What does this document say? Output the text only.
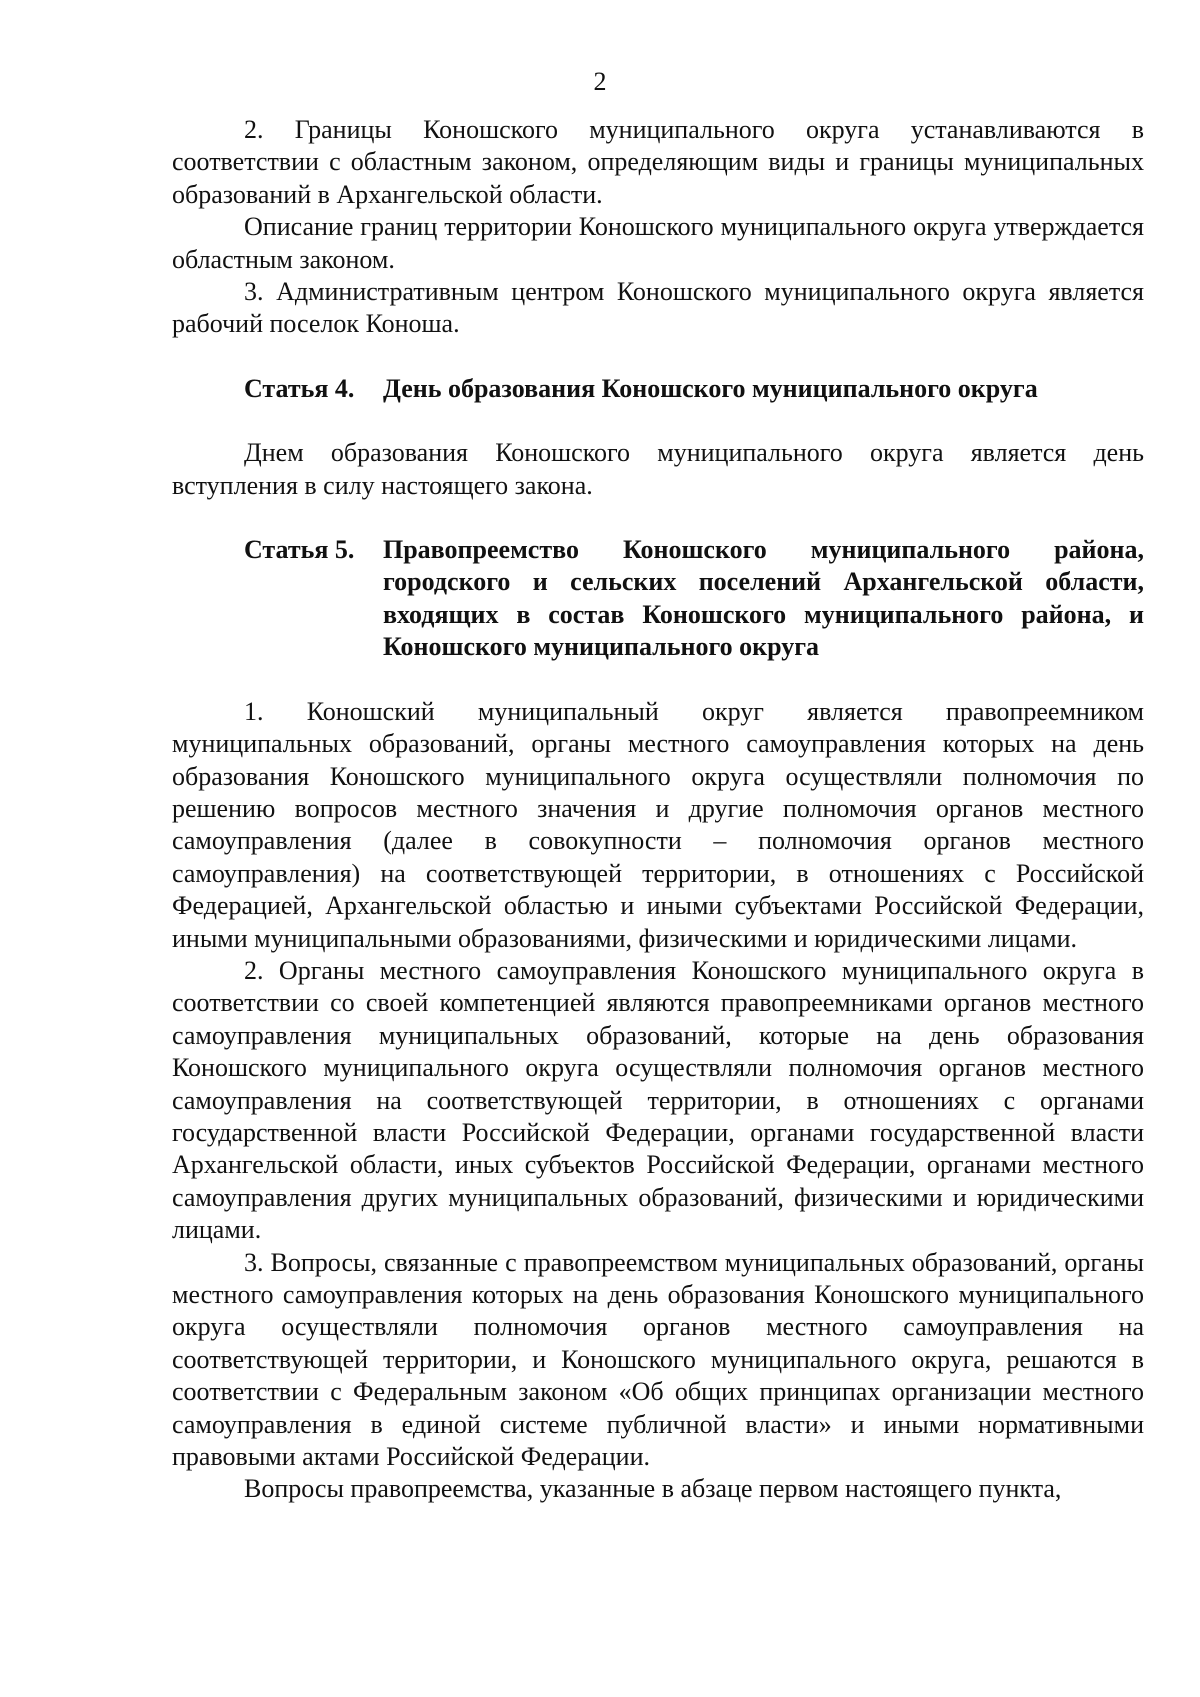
2

2. Границы Коношского муниципального округа устанавливаются в соответствии с областным законом, определяющим виды и границы муниципальных образований в Архангельской области.

Описание границ территории Коношского муниципального округа утверждается областным законом.

3. Административным центром Коношского муниципального округа является рабочий поселок Коноша.

Статья 4.	День образования Коношского муниципального округа

Днем образования Коношского муниципального округа является день вступления в силу настоящего закона.

Статья 5.	Правопреемство Коношского муниципального района, городского и сельских поселений Архангельской области, входящих в состав Коношского муниципального района, и Коношского муниципального округа

1. Коношский муниципальный округ является правопреемником муниципальных образований, органы местного самоуправления которых на день образования Коношского муниципального округа осуществляли полномочия по решению вопросов местного значения и другие полномочия органов местного самоуправления (далее в совокупности – полномочия органов местного самоуправления) на соответствующей территории, в отношениях с Российской Федерацией, Архангельской областью и иными субъектами Российской Федерации, иными муниципальными образованиями, физическими и юридическими лицами.

2. Органы местного самоуправления Коношского муниципального округа в соответствии со своей компетенцией являются правопреемниками органов местного самоуправления муниципальных образований, которые на день образования Коношского муниципального округа осуществляли полномочия органов местного самоуправления на соответствующей территории, в отношениях с органами государственной власти Российской Федерации, органами государственной власти Архангельской области, иных субъектов Российской Федерации, органами местного самоуправления других муниципальных образований, физическими и юридическими лицами.

3. Вопросы, связанные с правопреемством муниципальных образований, органы местного самоуправления которых на день образования Коношского муниципального округа осуществляли полномочия органов местного самоуправления на соответствующей территории, и Коношского муниципального округа, решаются в соответствии с Федеральным законом «Об общих принципах организации местного самоуправления в единой системе публичной власти» и иными нормативными правовыми актами Российской Федерации.

Вопросы правопреемства, указанные в абзаце первом настоящего пункта,
